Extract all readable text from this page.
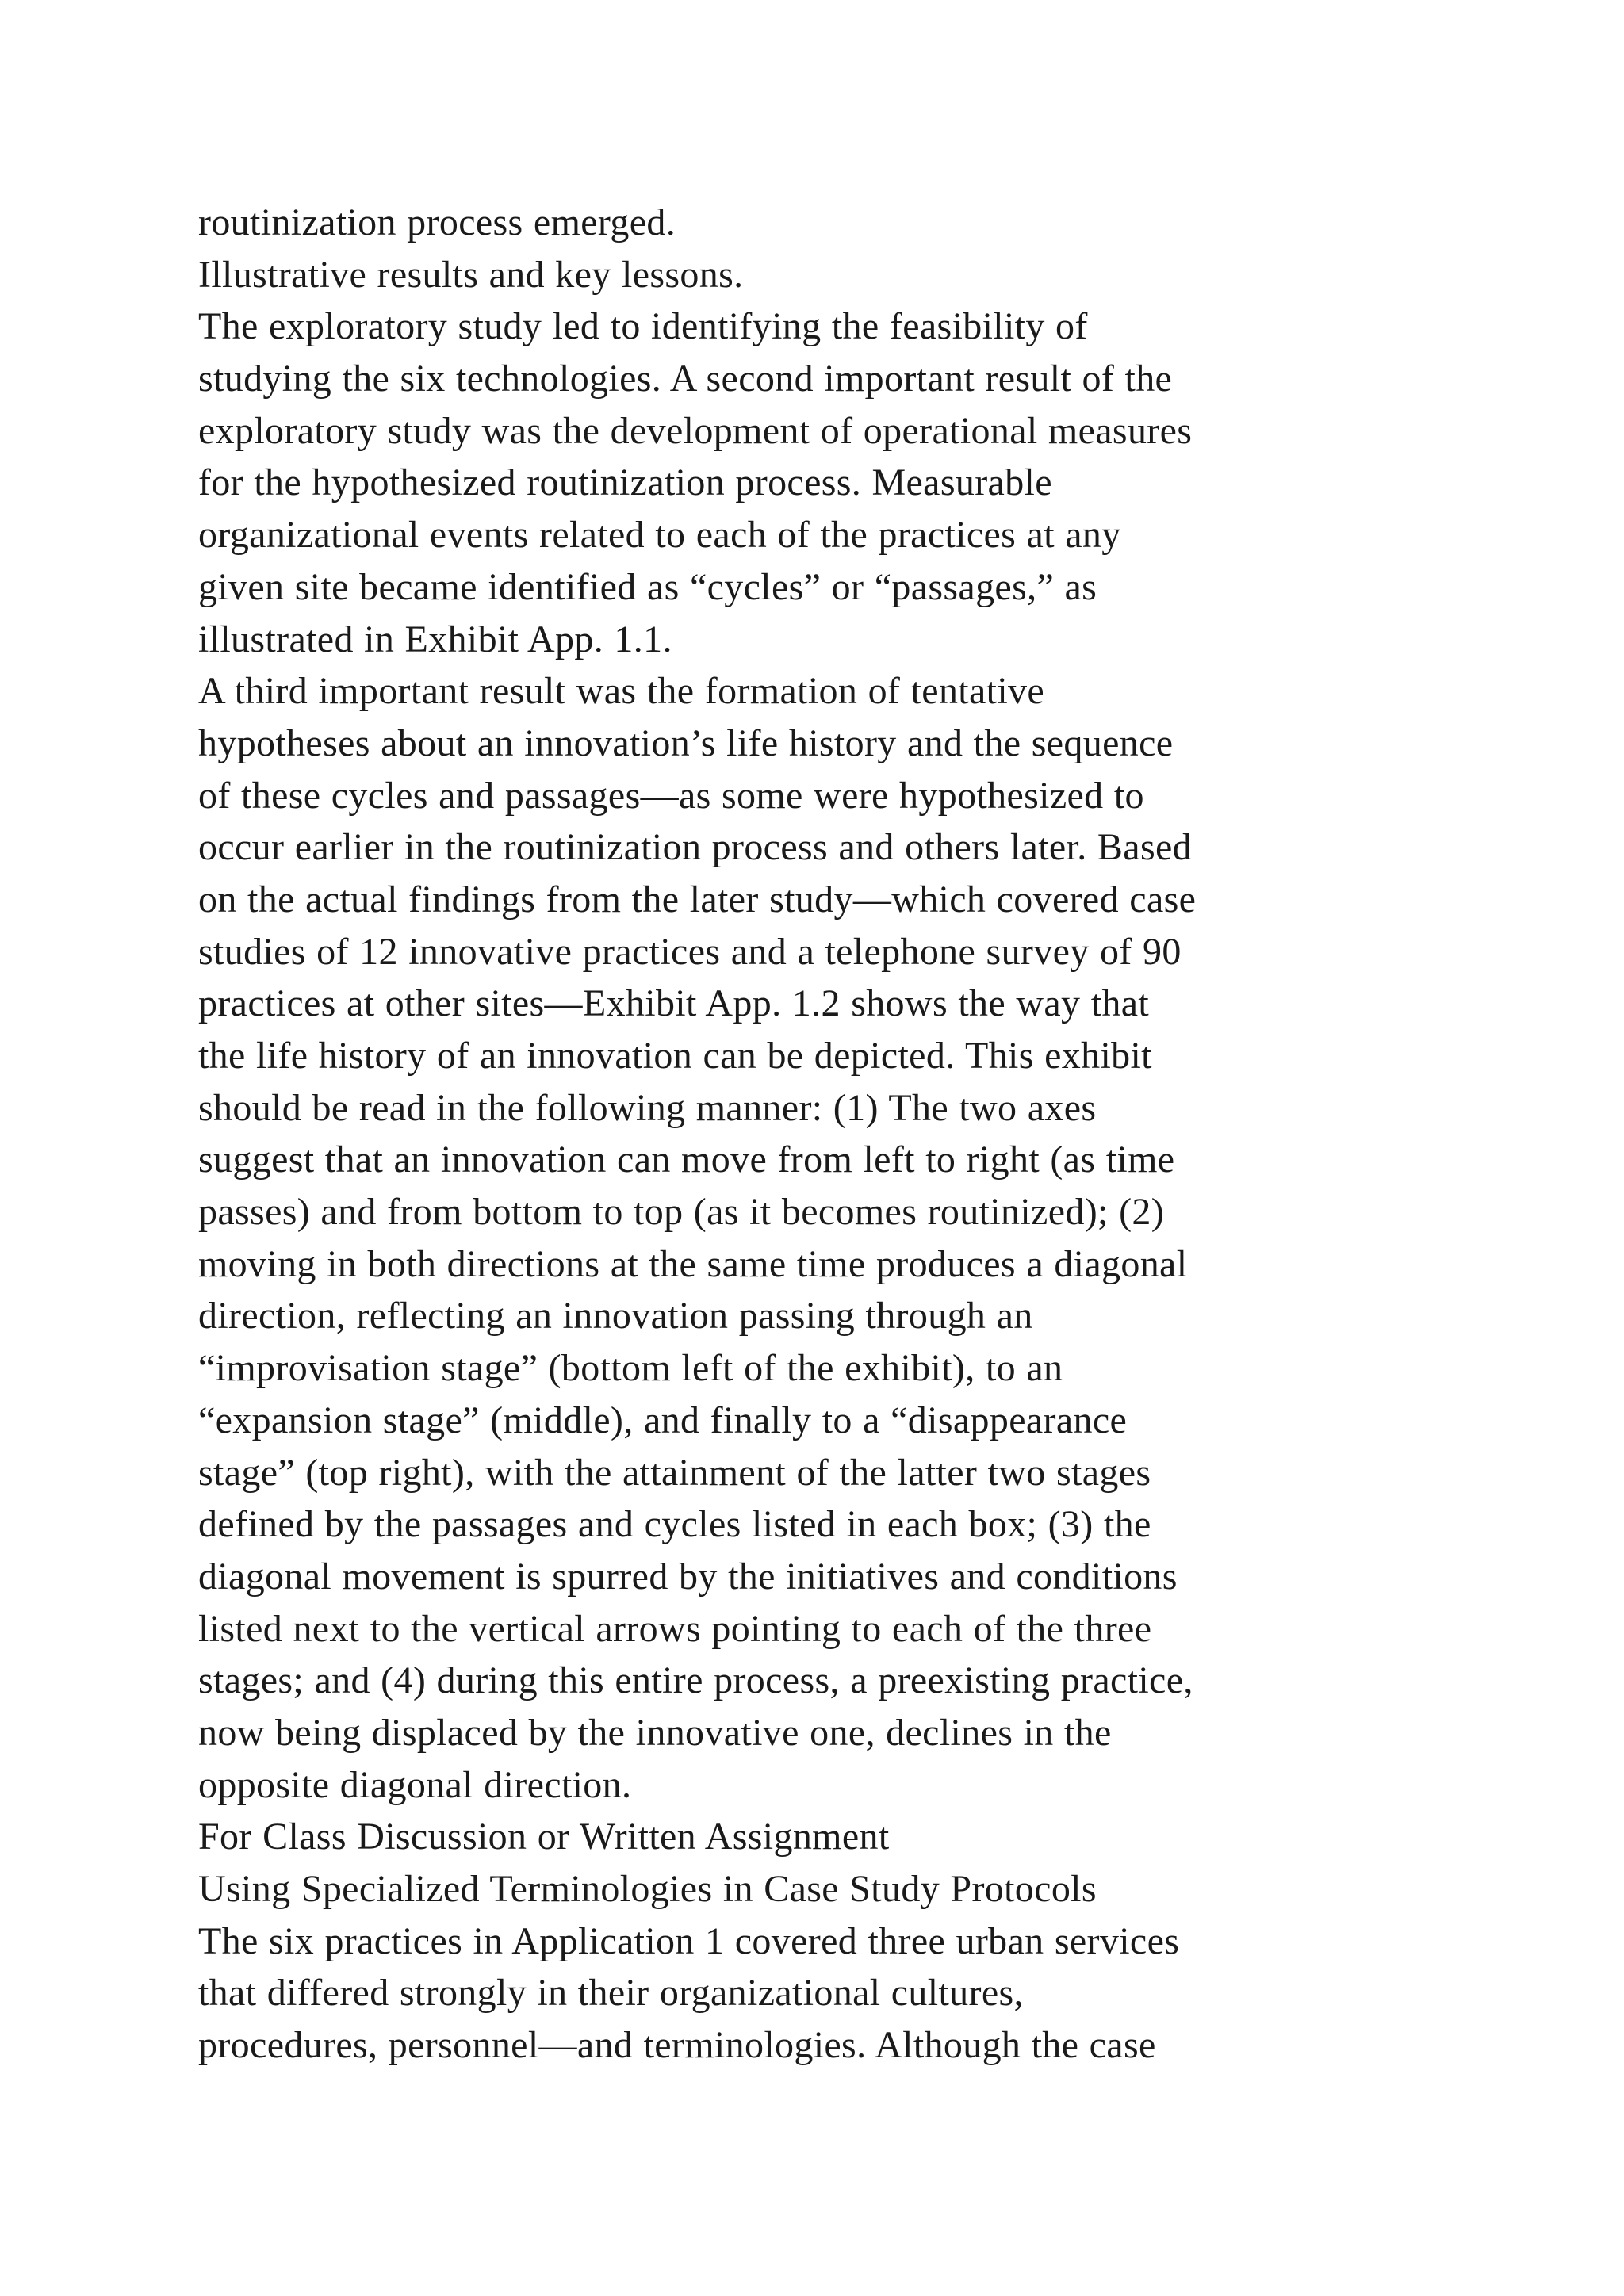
routinization process emerged.
Illustrative results and key lessons.
The exploratory study led to identifying the feasibility of
studying the six technologies. A second important result of the
exploratory study was the development of operational measures
for the hypothesized routinization process. Measurable
organizational events related to each of the practices at any
given site became identified as “cycles” or “passages,” as
illustrated in Exhibit App. 1.1.
A third important result was the formation of tentative
hypotheses about an innovation’s life history and the sequence
of these cycles and passages—as some were hypothesized to
occur earlier in the routinization process and others later. Based
on the actual findings from the later study—which covered case
studies of 12 innovative practices and a telephone survey of 90
practices at other sites—Exhibit App. 1.2 shows the way that
the life history of an innovation can be depicted. This exhibit
should be read in the following manner: (1) The two axes
suggest that an innovation can move from left to right (as time
passes) and from bottom to top (as it becomes routinized); (2)
moving in both directions at the same time produces a diagonal
direction, reflecting an innovation passing through an
“improvisation stage” (bottom left of the exhibit), to an
“expansion stage” (middle), and finally to a “disappearance
stage” (top right), with the attainment of the latter two stages
defined by the passages and cycles listed in each box; (3) the
diagonal movement is spurred by the initiatives and conditions
listed next to the vertical arrows pointing to each of the three
stages; and (4) during this entire process, a preexisting practice,
now being displaced by the innovative one, declines in the
opposite diagonal direction.
For Class Discussion or Written Assignment
Using Specialized Terminologies in Case Study Protocols
The six practices in Application 1 covered three urban services
that differed strongly in their organizational cultures,
procedures, personnel—and terminologies. Although the case
